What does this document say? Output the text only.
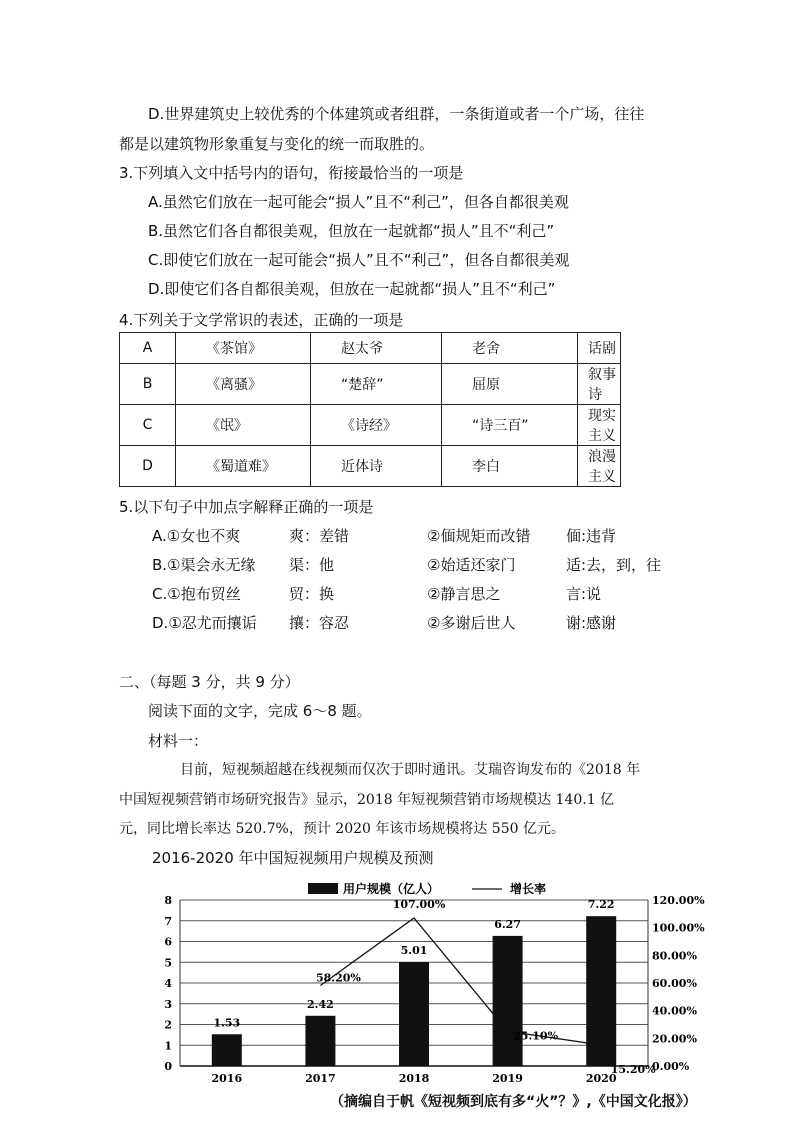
D.世界建筑史上较优秀的个体建筑或者组群，一条街道或者一个广场，往往
都是以建筑物形象重复与变化的统一而取胜的。
3.下列填入文中括号内的语句，衔接最恰当的一项是
A.虽然它们放在一起可能会“损人”且不“利己”，但各自都很美观
B.虽然它们各自都很美观，但放在一起就都“损人”且不“利己”
C.即使它们放在一起可能会“损人”且不“利己”，但各自都很美观
D.即使它们各自都很美观，但放在一起就都“损人”且不“利己”
4.下列关于文学常识的表述，正确的一项是
A	《茶馆》	赵太爷	老舍	话剧
B	《离骚》	“楚辞”	屈原	叙事诗
C	《氓》	《诗经》	“诗三百”	现实主义
D	《蜀道难》	近体诗	李白	浪漫主义
5.以下句子中加点字解释正确的一项是
A.①女也不爽	爽：差错	②偭规矩而改错 偭:违背
B.①渠会永无缘 渠：他	②始适还家门	适:去，到，往
C.①抱布贸丝	贸：换	②静言思之	言:说
D.①忍尤而攘诟 攘：容忍	②多谢后世人	谢:感谢
二、（每题 3 分，共 9 分）
阅读下面的文字，完成 6～8 题。
材料一：
目前，短视频超越在线视频而仅次于即时通讯。艾瑞咨询发布的《2018 年
中国短视频营销市场研究报告》显示，2018 年短视频营销市场规模达 140.1 亿
元，同比增长率达 520.7%，预计 2020 年该市场规模将达 550 亿元。
2016-2020 年中国短视频用户规模及预测
0
1
2
3
4
5
6
7
8
0.00%
20.00%
40.00%
60.00%
80.00%
100.00%
120.00%
1.53
2.42
5.01
6.27
7.22
2016	2017	2018	2019	2020
58.20%
107.00%
25.10%
15.20%
用户规模（亿人）	增长率
（摘编自于帆《短视频到底有多“火”？》,《中国文化报》）
